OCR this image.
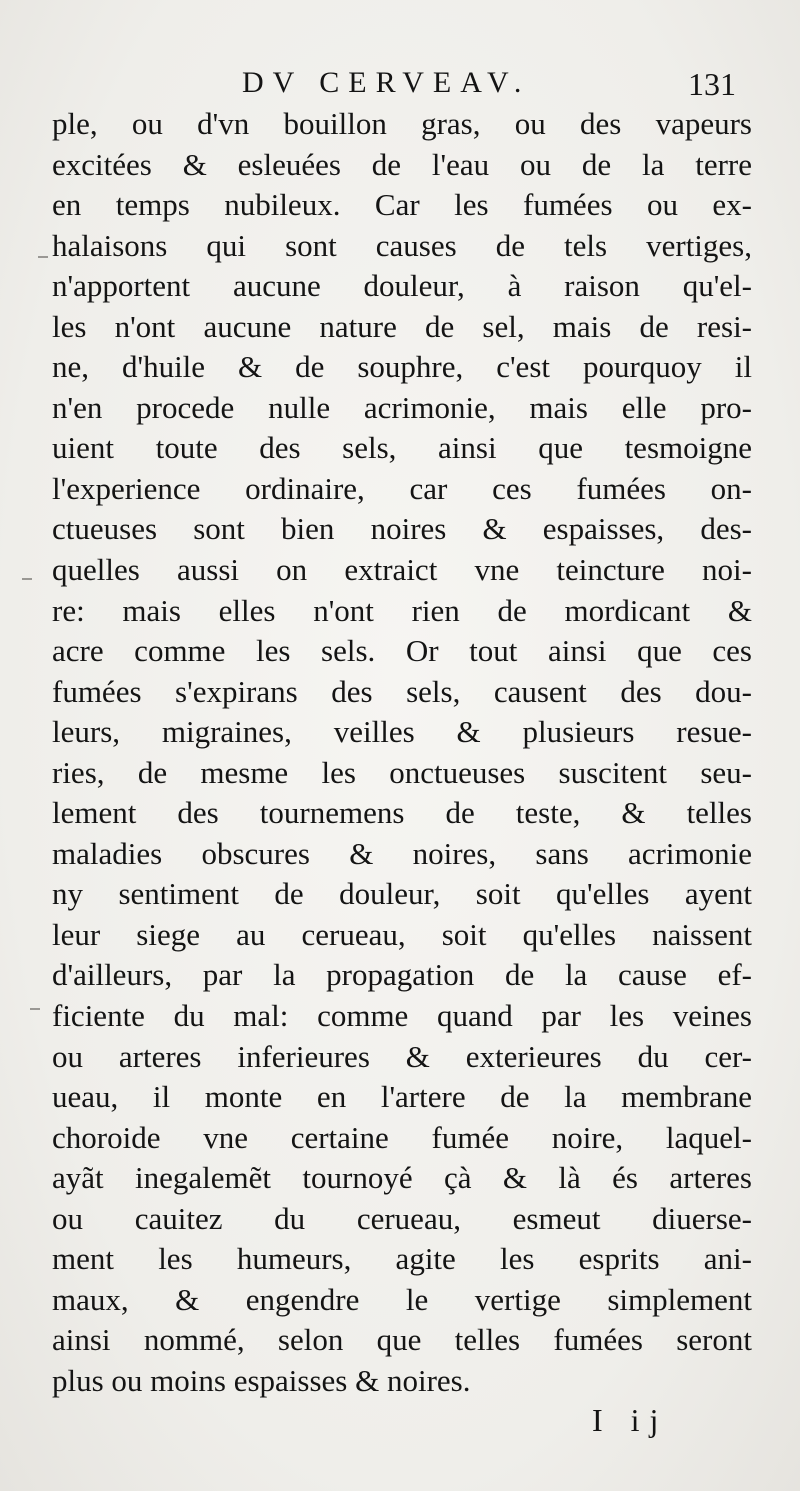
DV CERVEAV.	131
ple, ou d'vn bouillon gras, ou des vapeurs
excitées & esleuées de l'eau ou de la terre
en temps nubileux. Car les fumées ou ex-
halaisons qui sont causes de tels vertiges,
n'apportent aucune douleur, à raison qu'el-
les n'ont aucune nature de sel, mais de resi-
ne, d'huile & de souphre, c'est pourquoy il
n'en procede nulle acrimonie, mais elle pro-
uient toute des sels, ainsi que tesmoigne
l'experience ordinaire, car ces fumées on-
ctueuses sont bien noires & espaisses, des-
quelles aussi on extraict vne teincture noi-
re: mais elles n'ont rien de mordicant &
acre comme les sels. Or tout ainsi que ces
fumées s'expirans des sels, causent des dou-
leurs, migraines, veilles & plusieurs resue-
ries, de mesme les onctueuses suscitent seu-
lement des tournemens de teste, & telles
maladies obscures & noires, sans acrimonie
ny sentiment de douleur, soit qu'elles ayent
leur siege au cerueau, soit qu'elles naissent
d'ailleurs, par la propagation de la cause ef-
ficiente du mal: comme quand par les veines
ou arteres inferieures & exterieures du cer-
ueau, il monte en l'artere de la membrane
choroide vne certaine fumée noire, laquel-
ayãt inegalemẽt tournoyé çà & là és arteres
ou cauitez du cerueau, esmeut diuerse-
ment les humeurs, agite les esprits ani-
maux, & engendre le vertige simplement
ainsi nommé, selon que telles fumées seront
plus ou moins espaisses & noires.
I ij
